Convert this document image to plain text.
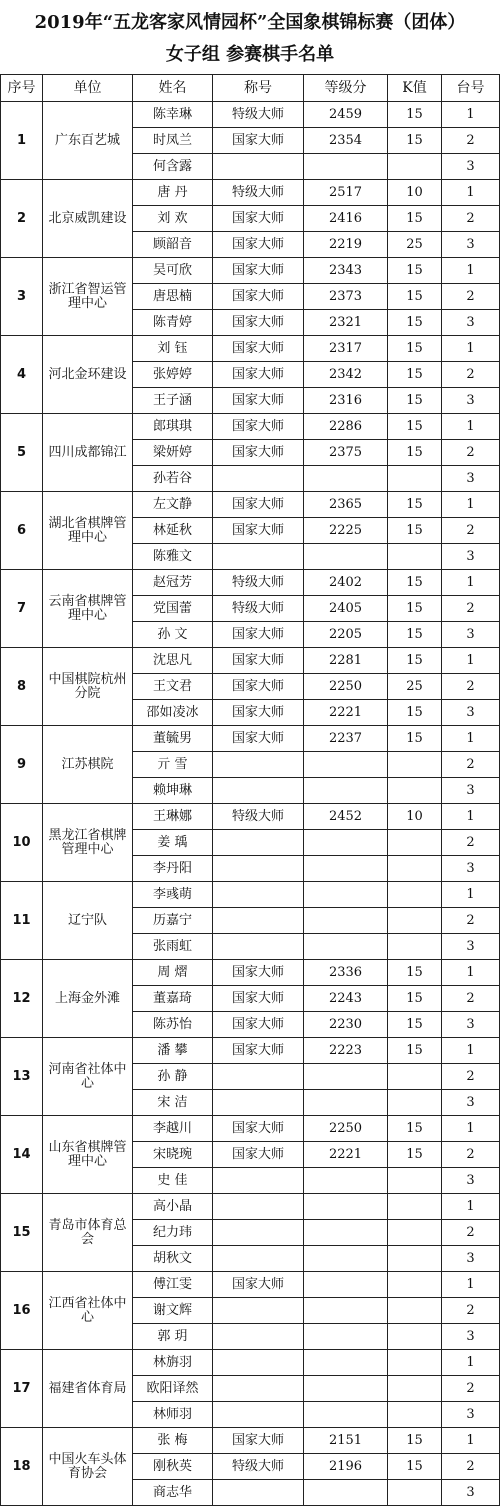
2019年“五龙客家风情园杯”全国象棋锦标赛（团体）
女子组 参赛棋手名单
序号	单位	姓名	称号	等级分	K值	台号
1	广东百艺城	陈幸琳	特级大师	2459	15	1
		时凤兰	国家大师	2354	15	2
		何含露				3
2	北京威凯建设	唐 丹	特级大师	2517	10	1
		刘 欢	国家大师	2416	15	2
		顾韶音	国家大师	2219	25	3
3	浙江省智运管理中心	吴可欣	国家大师	2343	15	1
		唐思楠	国家大师	2373	15	2
		陈青婷	国家大师	2321	15	3
4	河北金环建设	刘 钰	国家大师	2317	15	1
		张婷婷	国家大师	2342	15	2
		王子涵	国家大师	2316	15	3
5	四川成都锦江	郎琪琪	国家大师	2286	15	1
		梁妍婷	国家大师	2375	15	2
		孙若谷				3
6	湖北省棋牌管理中心	左文静	国家大师	2365	15	1
		林延秋	国家大师	2225	15	2
		陈雅文				3
7	云南省棋牌管理中心	赵冠芳	特级大师	2402	15	1
		党国蕾	特级大师	2405	15	2
		孙 文	国家大师	2205	15	3
8	中国棋院杭州分院	沈思凡	国家大师	2281	15	1
		王文君	国家大师	2250	25	2
		邵如凌冰	国家大师	2221	15	3
9	江苏棋院	董毓男	国家大师	2237	15	1
		亓 雪				2
		赖坤琳				3
10	黑龙江省棋牌管理中心	王琳娜	特级大师	2452	10	1
		姜 瑀				2
		李丹阳				3
11	辽宁队	李彧萌				1
		历嘉宁				2
		张雨虹				3
12	上海金外滩	周 熠	国家大师	2336	15	1
		董嘉琦	国家大师	2243	15	2
		陈苏怡	国家大师	2230	15	3
13	河南省社体中心	潘 攀	国家大师	2223	15	1
		孙 静				2
		宋 洁				3
14	山东省棋牌管理中心	李越川	国家大师	2250	15	1
		宋晓琬	国家大师	2221	15	2
		史 佳				3
15	青岛市体育总会	高小晶				1
		纪力玮				2
		胡秋文				3
16	江西省社体中心	傅江雯	国家大师			1
		谢文辉				2
		郭 玥				3
17	福建省体育局	林旃羽				1
		欧阳译然				2
		林师羽				3
18	中国火车头体育协会	张 梅	国家大师	2151	15	1
		刚秋英	特级大师	2196	15	2
		商志华				3
